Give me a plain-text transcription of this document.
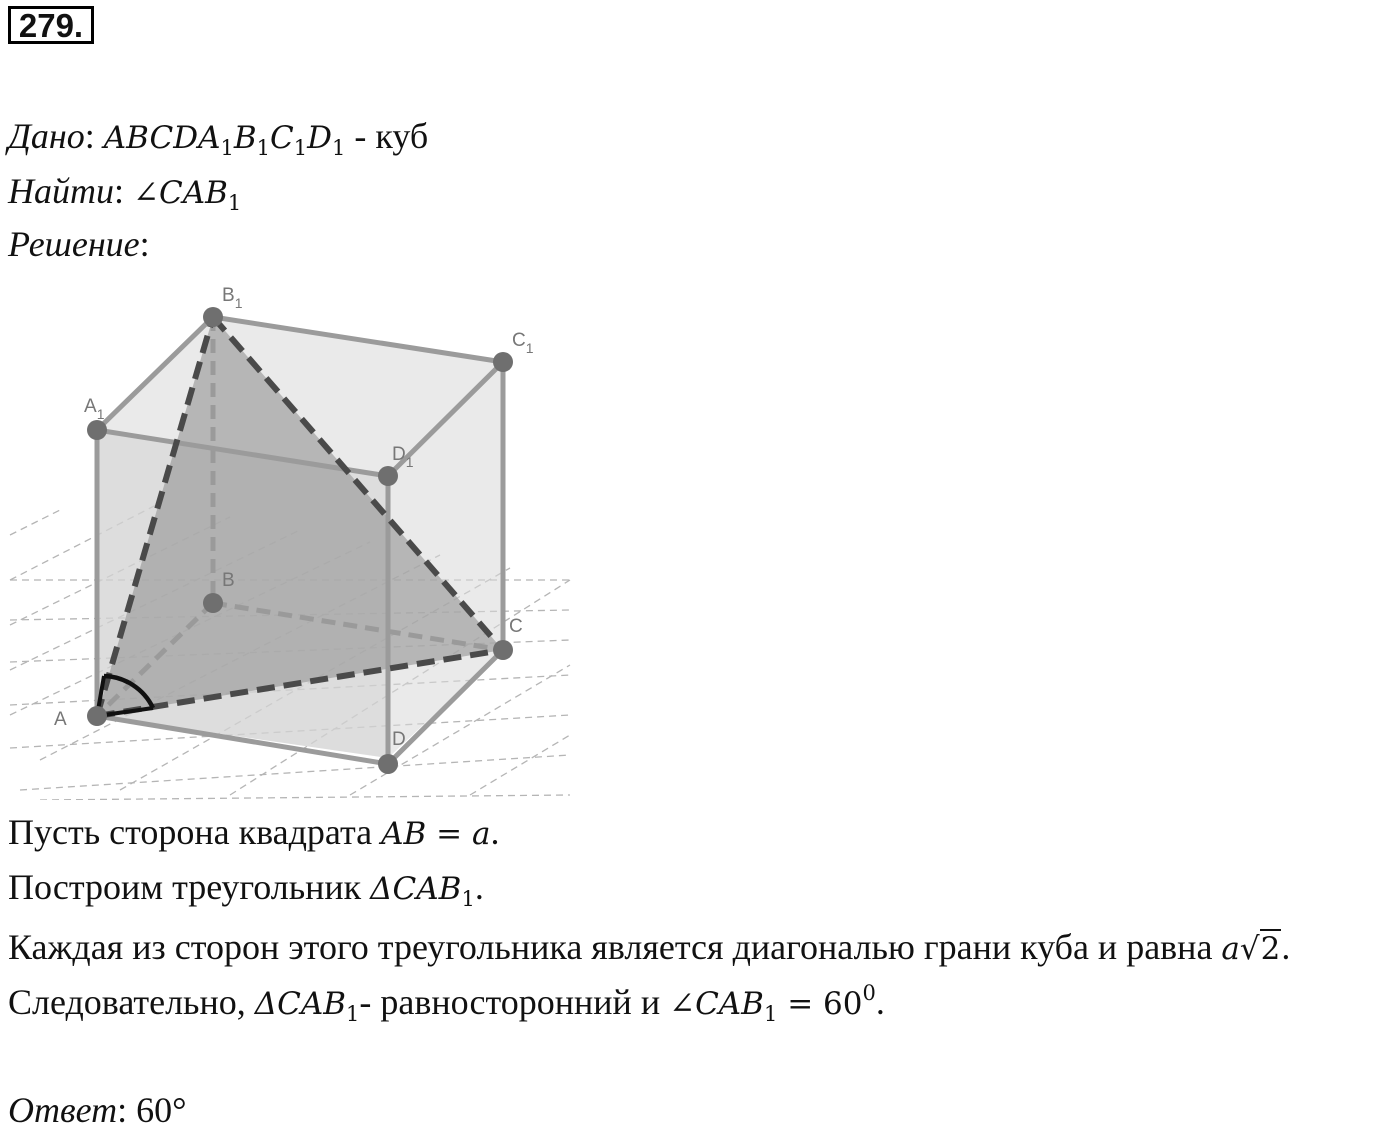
279.
Дано: $ABCDA_1B_1C_1D_1$ - куб
Найти: $\angle CAB_1$
Решение:
A
B
C
D
$A_1$
$B_1$
$C_1$
$D_1$
Пусть сторона квадрата AB = a.
Построим треугольник $\Delta CAB_1$.
Каждая из сторон этого треугольника является диагональю грани куба и равна a√2.
Следовательно, $\Delta CAB_1-$ равносторонний и $\angle CAB_1 = 60^0$.
Ответ: 60°
